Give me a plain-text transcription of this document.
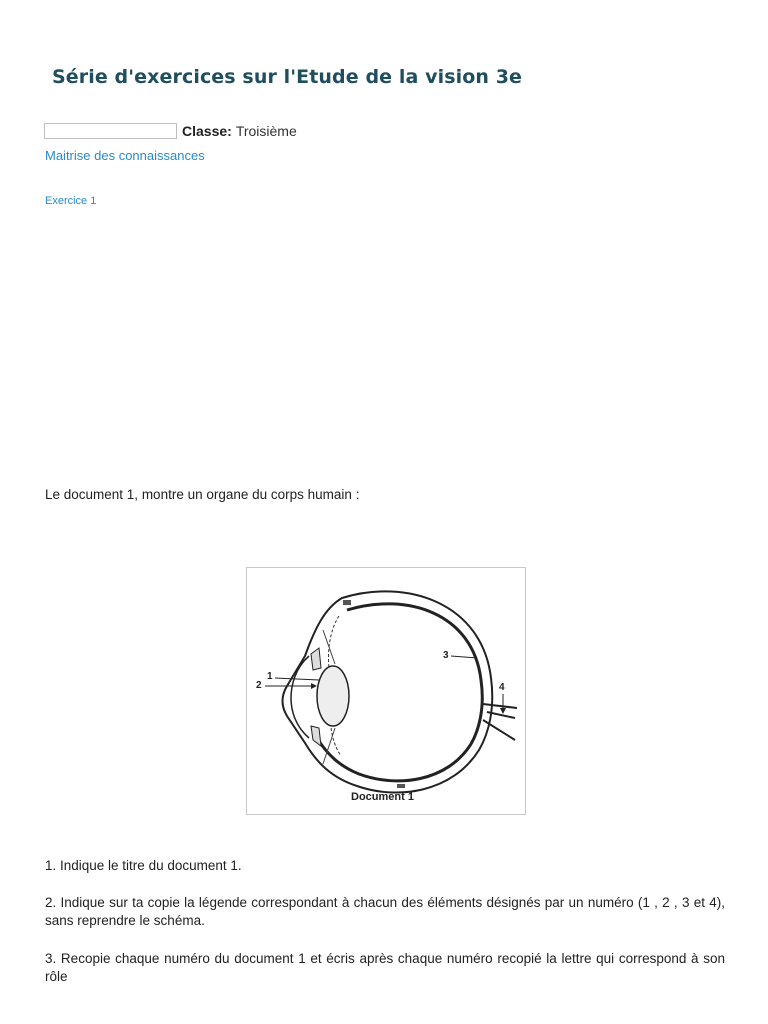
Série d'exercices sur l'Etude de la vision 3e
Classe: Troisième
Maitrise des connaissances
Exercice 1

Le document 1, montre un organe du corps humain :

1
2
3
4
Document 1

1. Indique le titre du document 1.

2. Indique sur ta copie la légende correspondant à chacun des éléments désignés par un numéro (1 , 2 , 3 et 4), sans reprendre le schéma.

3. Recopie chaque numéro du document 1 et écris après chaque numéro recopié la lettre qui correspond à son rôle
